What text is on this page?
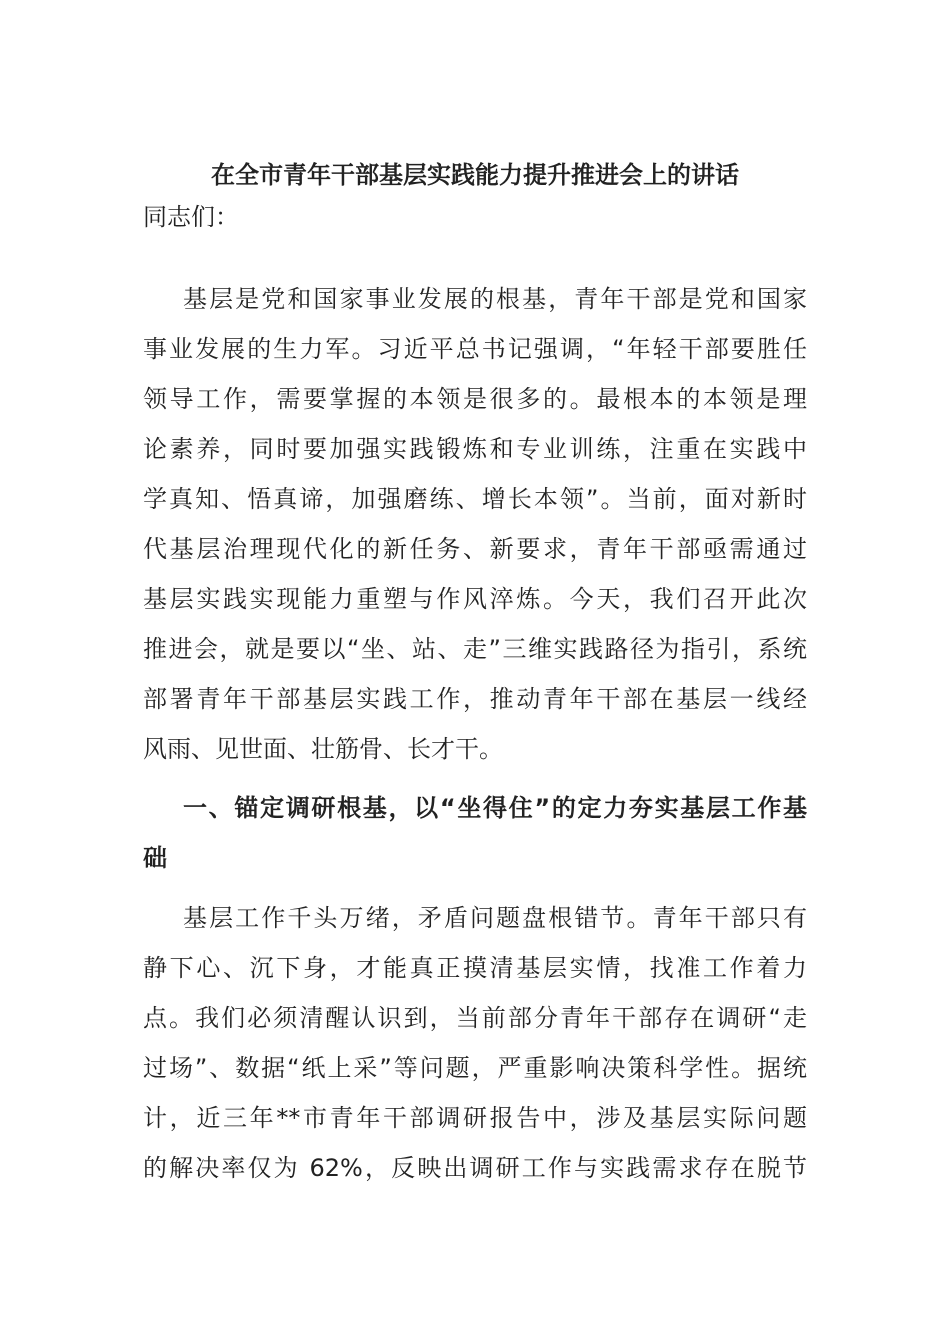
在全市青年干部基层实践能力提升推进会上的讲话
同志们：
基层是党和国家事业发展的根基，青年干部是党和国家
事业发展的生力军。习近平总书记强调，“年轻干部要胜任
领导工作，需要掌握的本领是很多的。最根本的本领是理
论素养，同时要加强实践锻炼和专业训练，注重在实践中
学真知、悟真谛，加强磨练、增长本领”。当前，面对新时
代基层治理现代化的新任务、新要求，青年干部亟需通过
基层实践实现能力重塑与作风淬炼。今天，我们召开此次
推进会，就是要以“坐、站、走”三维实践路径为指引，系统
部署青年干部基层实践工作，推动青年干部在基层一线经
风雨、见世面、壮筋骨、长才干。
一、锚定调研根基，以“坐得住”的定力夯实基层工作基
础
基层工作千头万绪，矛盾问题盘根错节。青年干部只有
静下心、沉下身，才能真正摸清基层实情，找准工作着力
点。我们必须清醒认识到，当前部分青年干部存在调研“走
过场”、数据“纸上采”等问题，严重影响决策科学性。据统
计，近三年**市青年干部调研报告中，涉及基层实际问题
的解决率仅为 62%，反映出调研工作与实践需求存在脱节
